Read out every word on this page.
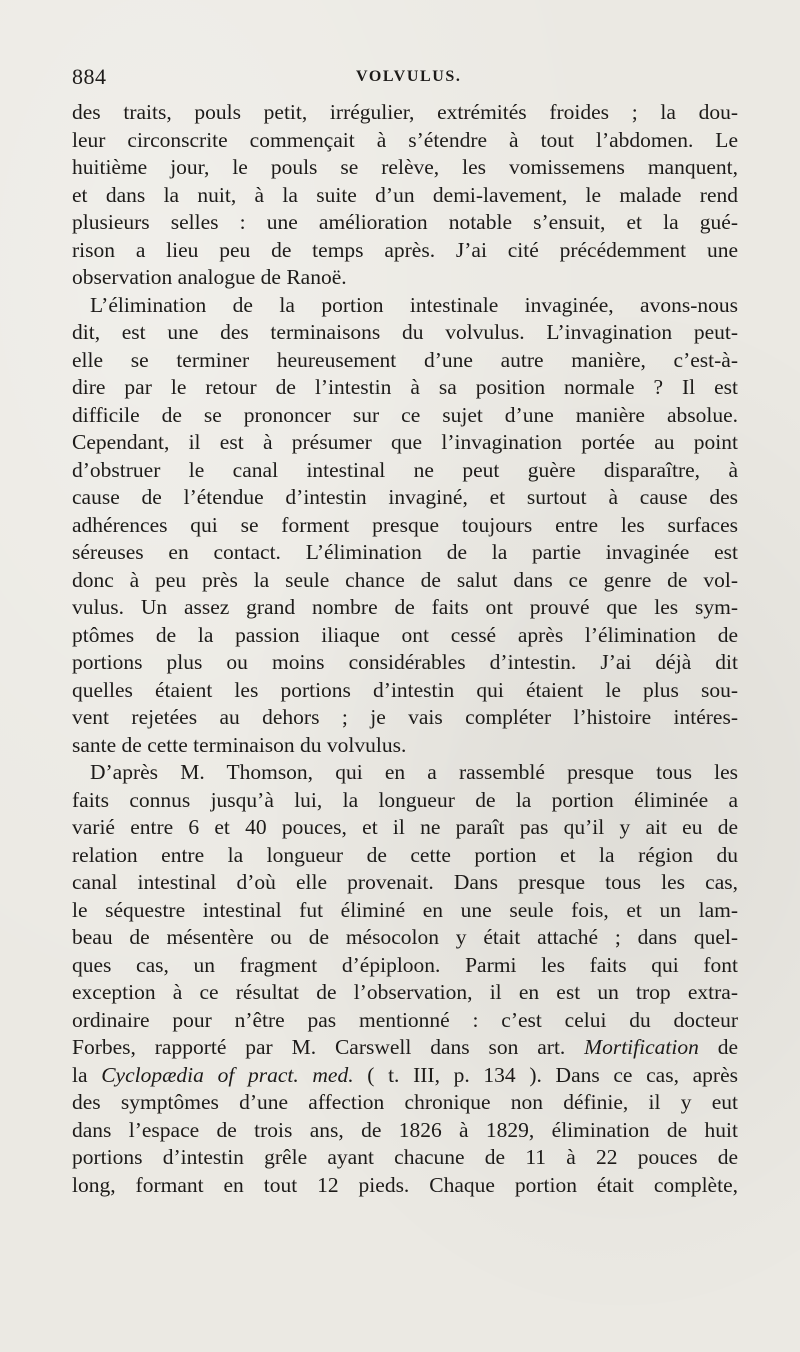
884	VOLVULUS.
des traits, pouls petit, irrégulier, extrémités froides ; la dou-
leur circonscrite commençait à s’étendre à tout l’abdomen. Le
huitième jour, le pouls se relève, les vomissemens manquent,
et dans la nuit, à la suite d’un demi-lavement, le malade rend
plusieurs selles : une amélioration notable s’ensuit, et la gué-
rison a lieu peu de temps après. J’ai cité précédemment une
observation analogue de Ranoë.
L’élimination de la portion intestinale invaginée, avons-nous
dit, est une des terminaisons du volvulus. L’invagination peut-
elle se terminer heureusement d’une autre manière, c’est-à-
dire par le retour de l’intestin à sa position normale ? Il est
difficile de se prononcer sur ce sujet d’une manière absolue.
Cependant, il est à présumer que l’invagination portée au point
d’obstruer le canal intestinal ne peut guère disparaître, à
cause de l’étendue d’intestin invaginé, et surtout à cause des
adhérences qui se forment presque toujours entre les surfaces
séreuses en contact. L’élimination de la partie invaginée est
donc à peu près la seule chance de salut dans ce genre de vol-
vulus. Un assez grand nombre de faits ont prouvé que les sym-
ptômes de la passion iliaque ont cessé après l’élimination de
portions plus ou moins considérables d’intestin. J’ai déjà dit
quelles étaient les portions d’intestin qui étaient le plus sou-
vent rejetées au dehors ; je vais compléter l’histoire intéres-
sante de cette terminaison du volvulus.
D’après M. Thomson, qui en a rassemblé presque tous les
faits connus jusqu’à lui, la longueur de la portion éliminée a
varié entre 6 et 40 pouces, et il ne paraît pas qu’il y ait eu de
relation entre la longueur de cette portion et la région du
canal intestinal d’où elle provenait. Dans presque tous les cas,
le séquestre intestinal fut éliminé en une seule fois, et un lam-
beau de mésentère ou de mésocolon y était attaché ; dans quel-
ques cas, un fragment d’épiploon. Parmi les faits qui font
exception à ce résultat de l’observation, il en est un trop extra-
ordinaire pour n’être pas mentionné : c’est celui du docteur
Forbes, rapporté par M. Carswell dans son art. Mortification de
la Cyclopædia of pract. med. ( t. III, p. 134 ). Dans ce cas, après
des symptômes d’une affection chronique non définie, il y eut
dans l’espace de trois ans, de 1826 à 1829, élimination de huit
portions d’intestin grêle ayant chacune de 11 à 22 pouces de
long, formant en tout 12 pieds. Chaque portion était complète,
